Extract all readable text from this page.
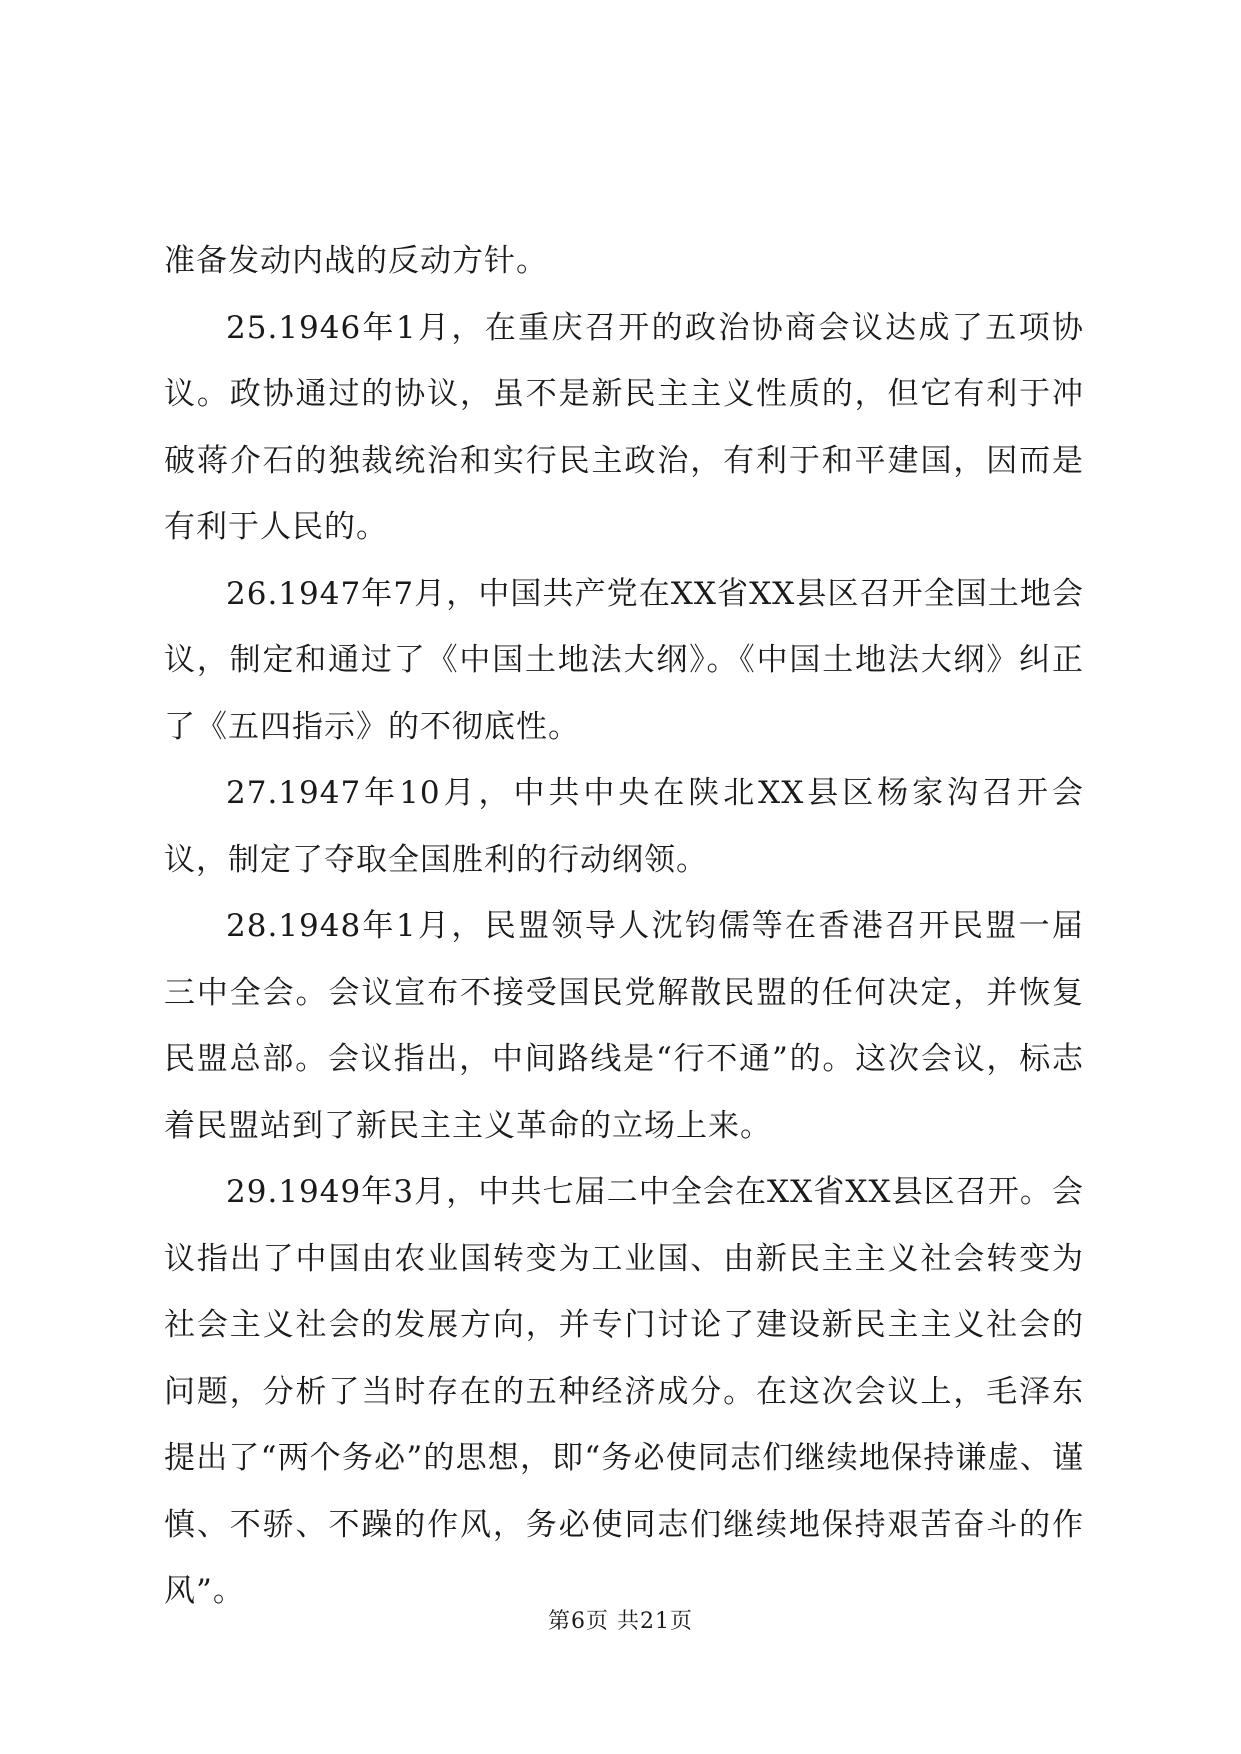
准备发动内战的反动方针。

25.1946年1月，在重庆召开的政治协商会议达成了五项协议。政协通过的协议，虽不是新民主主义性质的，但它有利于冲破蒋介石的独裁统治和实行民主政治，有利于和平建国，因而是有利于人民的。

26.1947年7月，中国共产党在XX省XX县区召开全国土地会议，制定和通过了《中国土地法大纲》。《中国土地法大纲》纠正了《五四指示》的不彻底性。

27.1947年10月，中共中央在陕北XX县区杨家沟召开会议，制定了夺取全国胜利的行动纲领。

28.1948年1月，民盟领导人沈钧儒等在香港召开民盟一届三中全会。会议宣布不接受国民党解散民盟的任何决定，并恢复民盟总部。会议指出，中间路线是“行不通”的。这次会议，标志着民盟站到了新民主主义革命的立场上来。

29.1949年3月，中共七届二中全会在XX省XX县区召开。会议指出了中国由农业国转变为工业国、由新民主主义社会转变为社会主义社会的发展方向，并专门讨论了建设新民主主义社会的问题，分析了当时存在的五种经济成分。在这次会议上，毛泽东提出了“两个务必”的思想，即“务必使同志们继续地保持谦虚、谨慎、不骄、不躁的作风，务必使同志们继续地保持艰苦奋斗的作风”。

第6页 共21页
